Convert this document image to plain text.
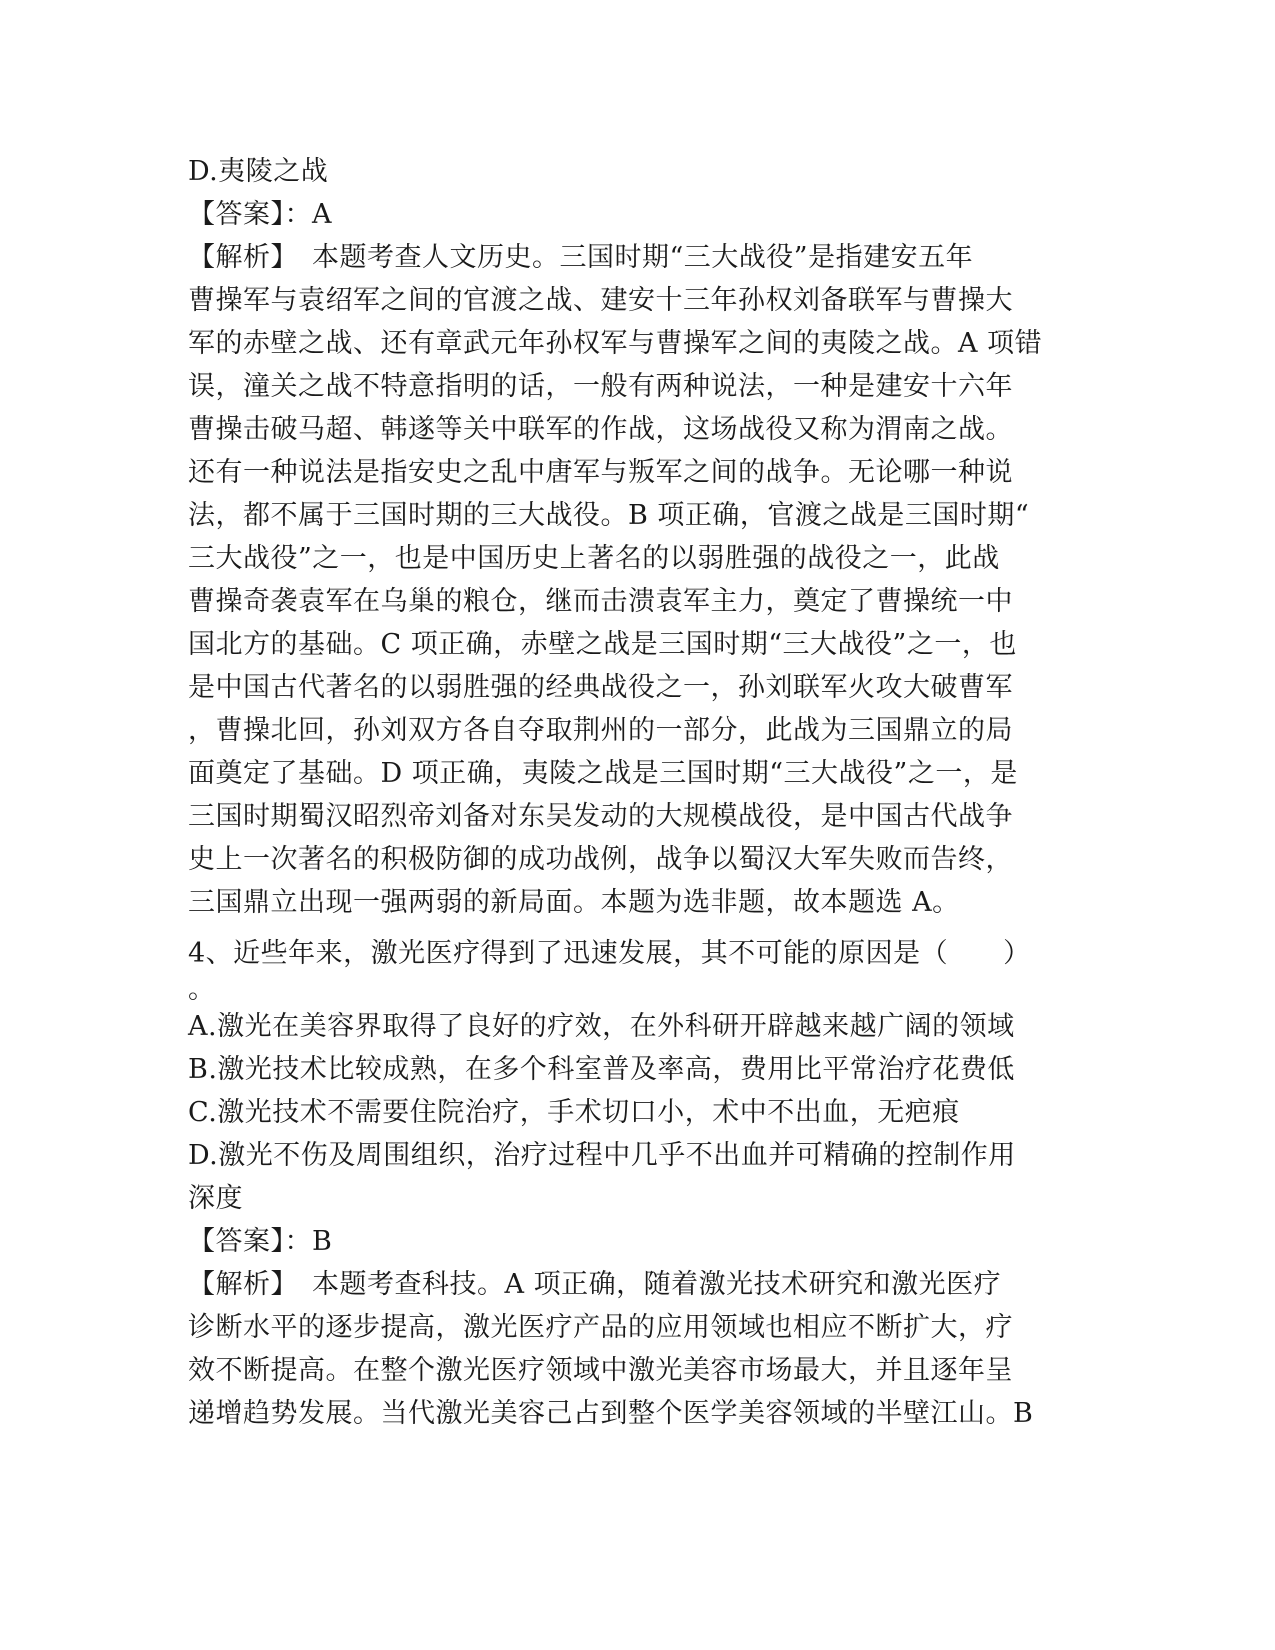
D.夷陵之战
【答案】：A
【解析】　本题考查人文历史。三国时期“三大战役”是指建安五年
曹操军与袁绍军之间的官渡之战、建安十三年孙权刘备联军与曹操大
军的赤壁之战、还有章武元年孙权军与曹操军之间的夷陵之战。A 项错
误，潼关之战不特意指明的话，一般有两种说法，一种是建安十六年
曹操击破马超、韩遂等关中联军的作战，这场战役又称为渭南之战。
还有一种说法是指安史之乱中唐军与叛军之间的战争。无论哪一种说
法，都不属于三国时期的三大战役。B 项正确，官渡之战是三国时期“
三大战役”之一，也是中国历史上著名的以弱胜强的战役之一，此战
曹操奇袭袁军在乌巢的粮仓，继而击溃袁军主力，奠定了曹操统一中
国北方的基础。C 项正确，赤壁之战是三国时期“三大战役”之一，也
是中国古代著名的以弱胜强的经典战役之一，孙刘联军火攻大破曹军
，曹操北回，孙刘双方各自夺取荆州的一部分，此战为三国鼎立的局
面奠定了基础。D 项正确，夷陵之战是三国时期“三大战役”之一，是
三国时期蜀汉昭烈帝刘备对东吴发动的大规模战役，是中国古代战争
史上一次著名的积极防御的成功战例，战争以蜀汉大军失败而告终，
三国鼎立出现一强两弱的新局面。本题为选非题，故本题选 A。
4、近些年来，激光医疗得到了迅速发展，其不可能的原因是（　　）
。
A.激光在美容界取得了良好的疗效，在外科研开辟越来越广阔的领域
B.激光技术比较成熟，在多个科室普及率高，费用比平常治疗花费低
C.激光技术不需要住院治疗，手术切口小，术中不出血，无疤痕
D.激光不伤及周围组织，治疗过程中几乎不出血并可精确的控制作用
深度
【答案】：B
【解析】　本题考查科技。A 项正确，随着激光技术研究和激光医疗
诊断水平的逐步提高，激光医疗产品的应用领域也相应不断扩大，疗
效不断提高。在整个激光医疗领域中激光美容市场最大，并且逐年呈
递增趋势发展。当代激光美容己占到整个医学美容领域的半壁江山。B
